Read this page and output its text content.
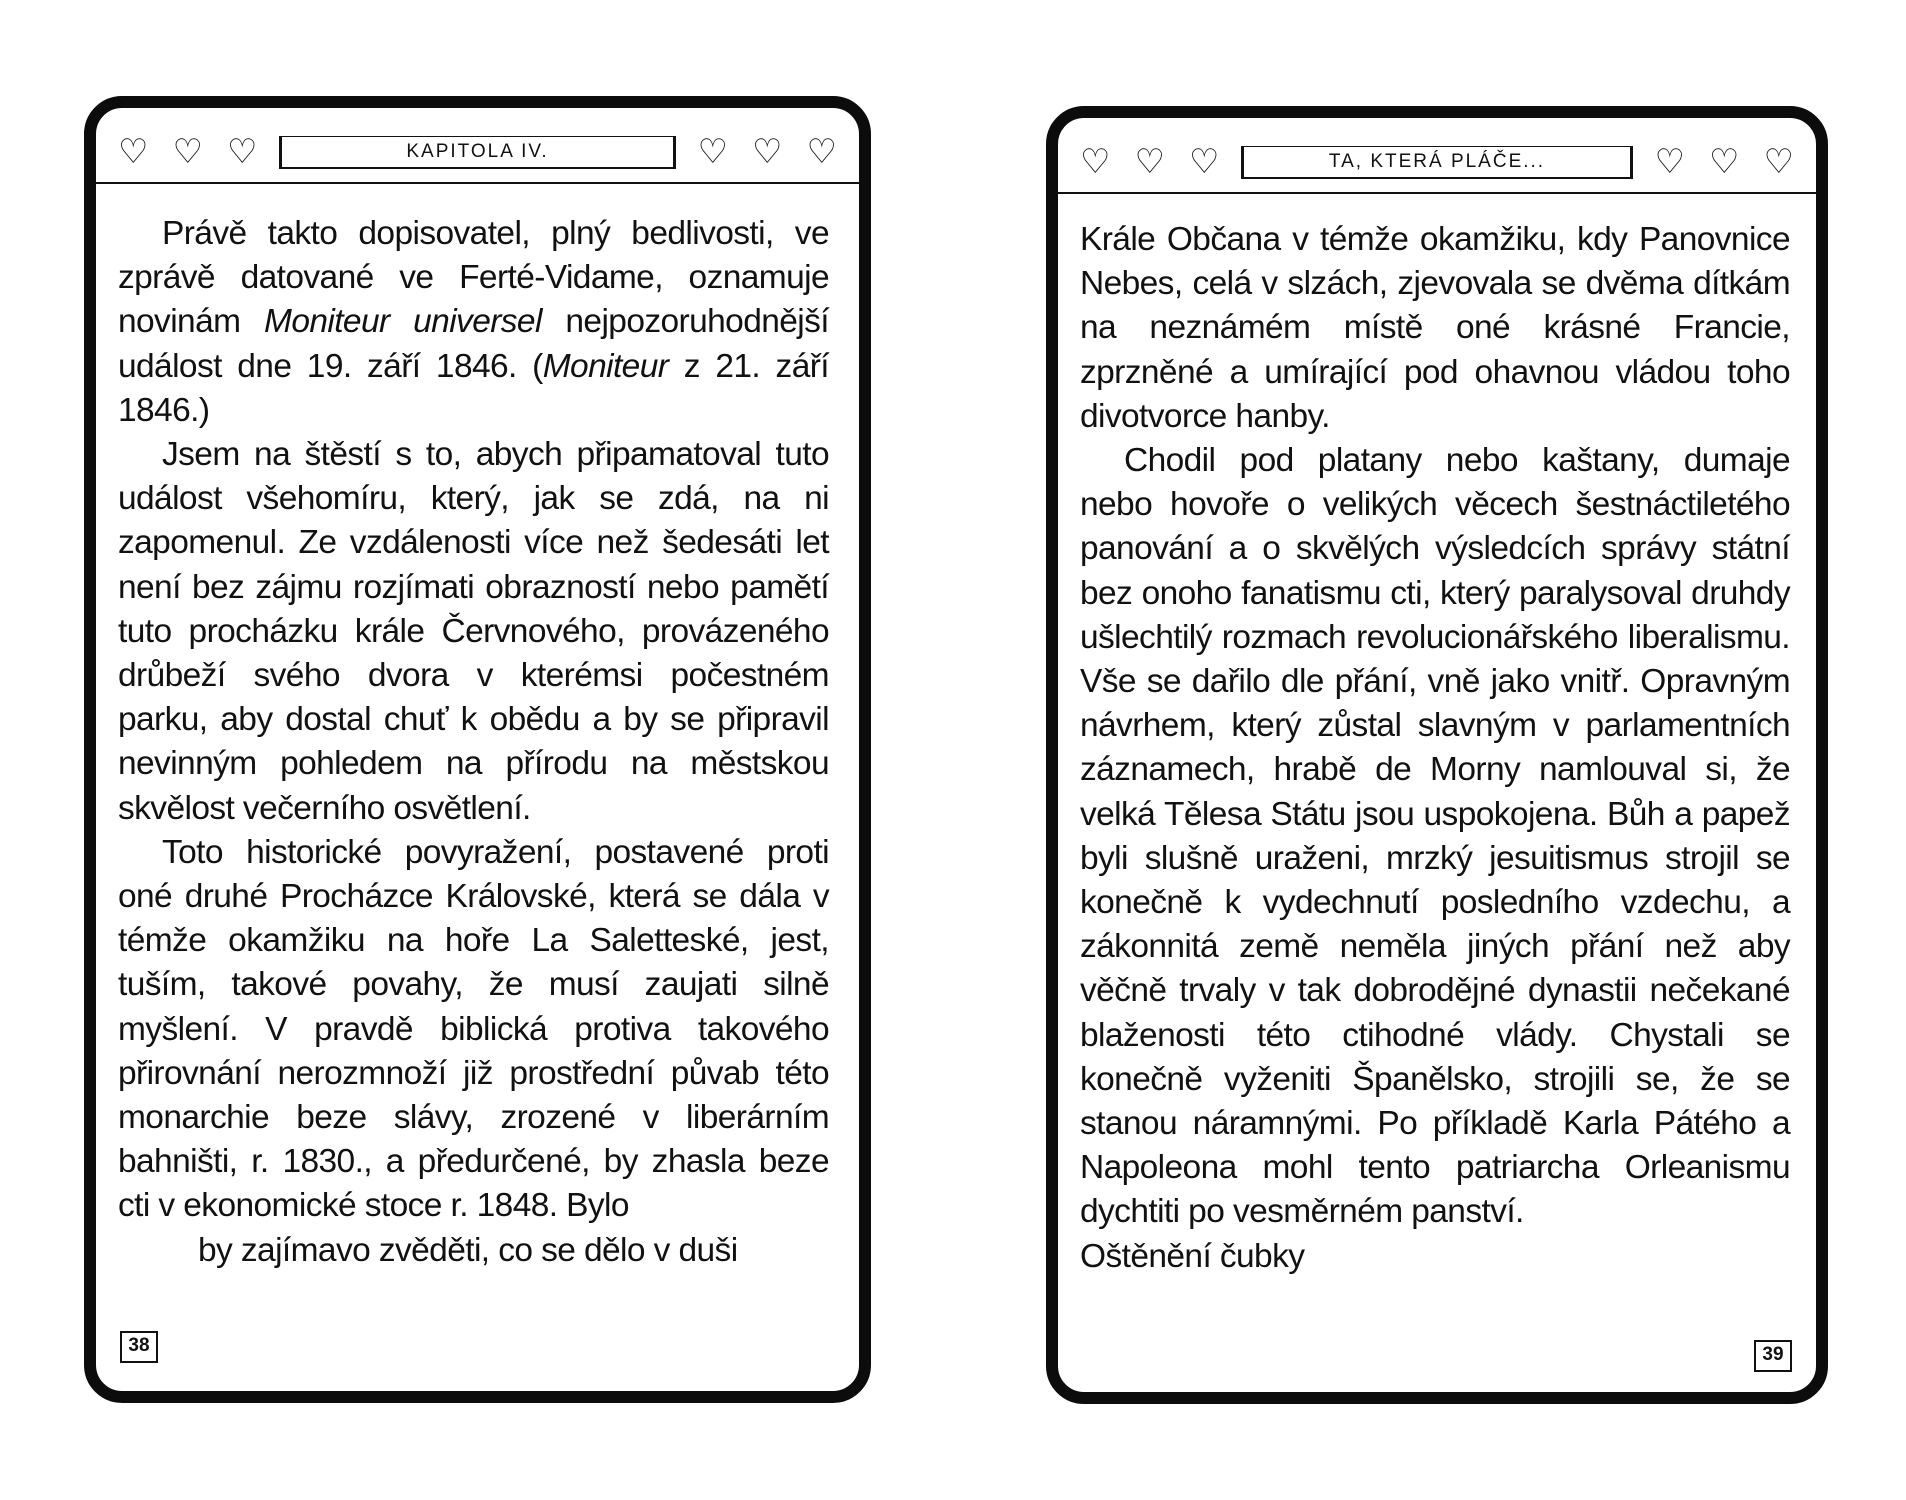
♡ ♡ ♡	KAPITOLA IV.	♡ ♡ ♡

Právě takto dopisovatel, plný bedlivosti, ve zprávě datované ve Ferté-Vidame, oznamuje novinám Moniteur universel nejpozoruhodnější událost dne 19. září 1846. (Moniteur z 21. září 1846.)

Jsem na štěstí s to, abych připamatoval tuto událost všehomíru, který, jak se zdá, na ni zapomenul. Ze vzdálenosti více než šedesáti let není bez zájmu rozjímati obrazností nebo pamětí tuto procházku krále Červnového, provázeného drůbeží svého dvora v kterémsi počestném parku, aby dostal chuť k obědu a by se připravil nevinným pohledem na přírodu na městskou skvělost večerního osvětlení.

Toto historické povyražení, postavené proti oné druhé Procházce Královské, která se dála v témže okamžiku na hoře La Saletteské, jest, tuším, takové povahy, že musí zaujati silně myšlení. V pravdě biblická protiva takového přirovnání nerozmnoží již prostřední půvab této monarchie beze slávy, zrozené v liberárním bahništi, r. 1830., a předurčené, by zhasla beze cti v ekonomické stoce r. 1848. Bylo

by zajímavo zvěděti, co se dělo v duši

38
♡ ♡ ♡	TA, KTERÁ PLÁČE...	♡ ♡ ♡

Krále Občana v témže okamžiku, kdy Panovnice Nebes, celá v slzách, zjevovala se dvěma dítkám na neznámém místě oné krásné Francie, zprzněné a umírající pod ohavnou vládou toho divotvorce hanby.

Chodil pod platany nebo kaštany, dumaje nebo hovoře o velikých věcech šestnáctiletého panování a o skvělých výsledcích správy státní bez onoho fanatismu cti, který paralysoval druhdy ušlechtilý rozmach revolucionářského liberalismu. Vše se dařilo dle přání, vně jako vnitř. Opravným návrhem, který zůstal slavným v parlamentních záznamech, hrabě de Morny namlouval si, že velká Tělesa Státu jsou uspokojena. Bůh a papež byli slušně uraženi, mrzký jesuitismus strojil se konečně k vydechnutí posledního vzdechu, a zákonnitá země neměla jiných přání než aby věčně trvaly v tak dobrodějné dynastii nečekané blaženosti této ctihodné vlády. Chystali se konečně vyženiti Španělsko, strojili se, že se stanou náramnými. Po příkladě Karla Pátého a Napoleona mohl tento patriarcha Orleanismu dychtiti po vesměrném panství.

Oštěnění čubky

39
